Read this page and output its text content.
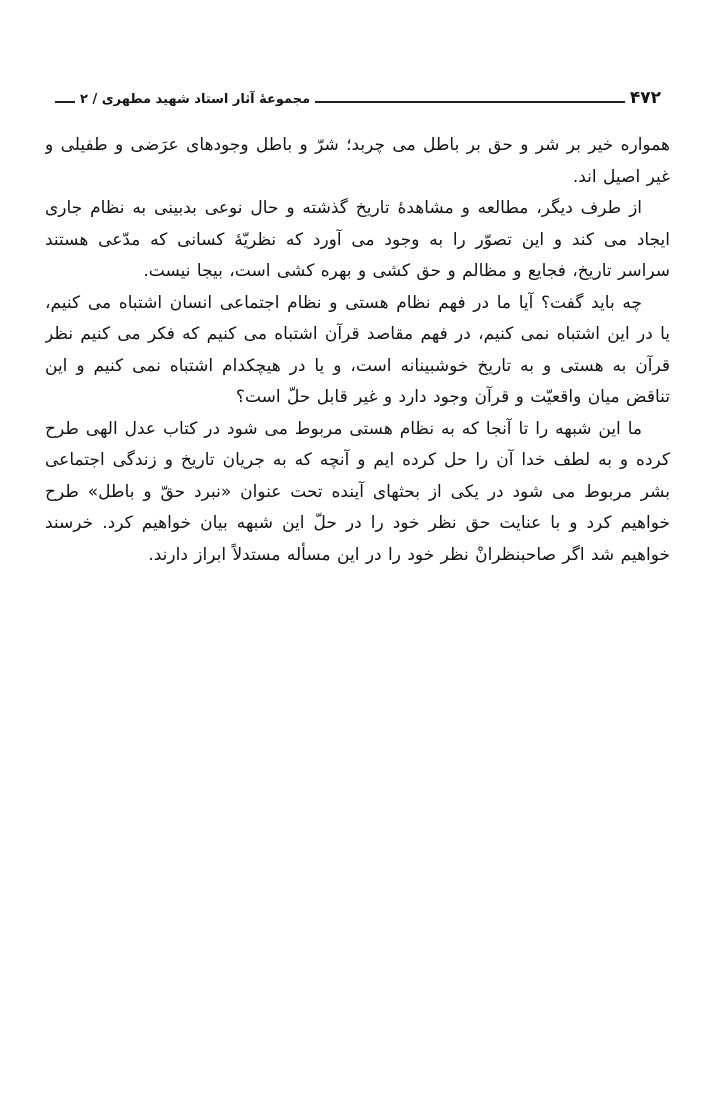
۴۷۲
مجموعهٔ آثار استاد شهید مطهری / ۲
همواره خیر بر شر و حق بر باطل می چربد؛ شرّ و باطل وجودهای عرَضی و طفیلی و
غیر اصیل اند.
از طرف دیگر، مطالعه و مشاهدهٔ تاریخ گذشته و حال نوعی بدبینی به نظام جاری
ایجاد می کند و این تصوّر را به وجود می آورد که نظریّهٔ کسانی که مدّعی هستند
سراسر تاریخ، فجایع و مظالم و حق کشی و بهره کشی است، بیجا نیست.
چه باید گفت؟ آیا ما در فهم نظام هستی و نظام اجتماعی انسان اشتباه می کنیم،
یا در این اشتباه نمی کنیم، در فهم مقاصد قرآن اشتباه می کنیم که فکر می کنیم نظر
قرآن به هستی و به تاریخ خوشبینانه است، و یا در هیچکدام اشتباه نمی کنیم و این
تناقض میان واقعیّت و قرآن وجود دارد و غیر قابل حلّ است؟
ما این شبهه را تا آنجا که به نظام هستی مربوط می شود در کتاب عدل الهی طرح
کرده و به لطف خدا آن را حل کرده ایم و آنچه که به جریان تاریخ و زندگی اجتماعی
بشر مربوط می شود در یکی از بحثهای آینده تحت عنوان «نبرد حقّ و باطل» طرح
خواهیم کرد و با عنایت حق نظر خود را در حلّ این شبهه بیان خواهیم کرد. خرسند
خواهیم شد اگر صاحبنظرانْ نظر خود را در این مسأله مستدلاً ابراز دارند.
